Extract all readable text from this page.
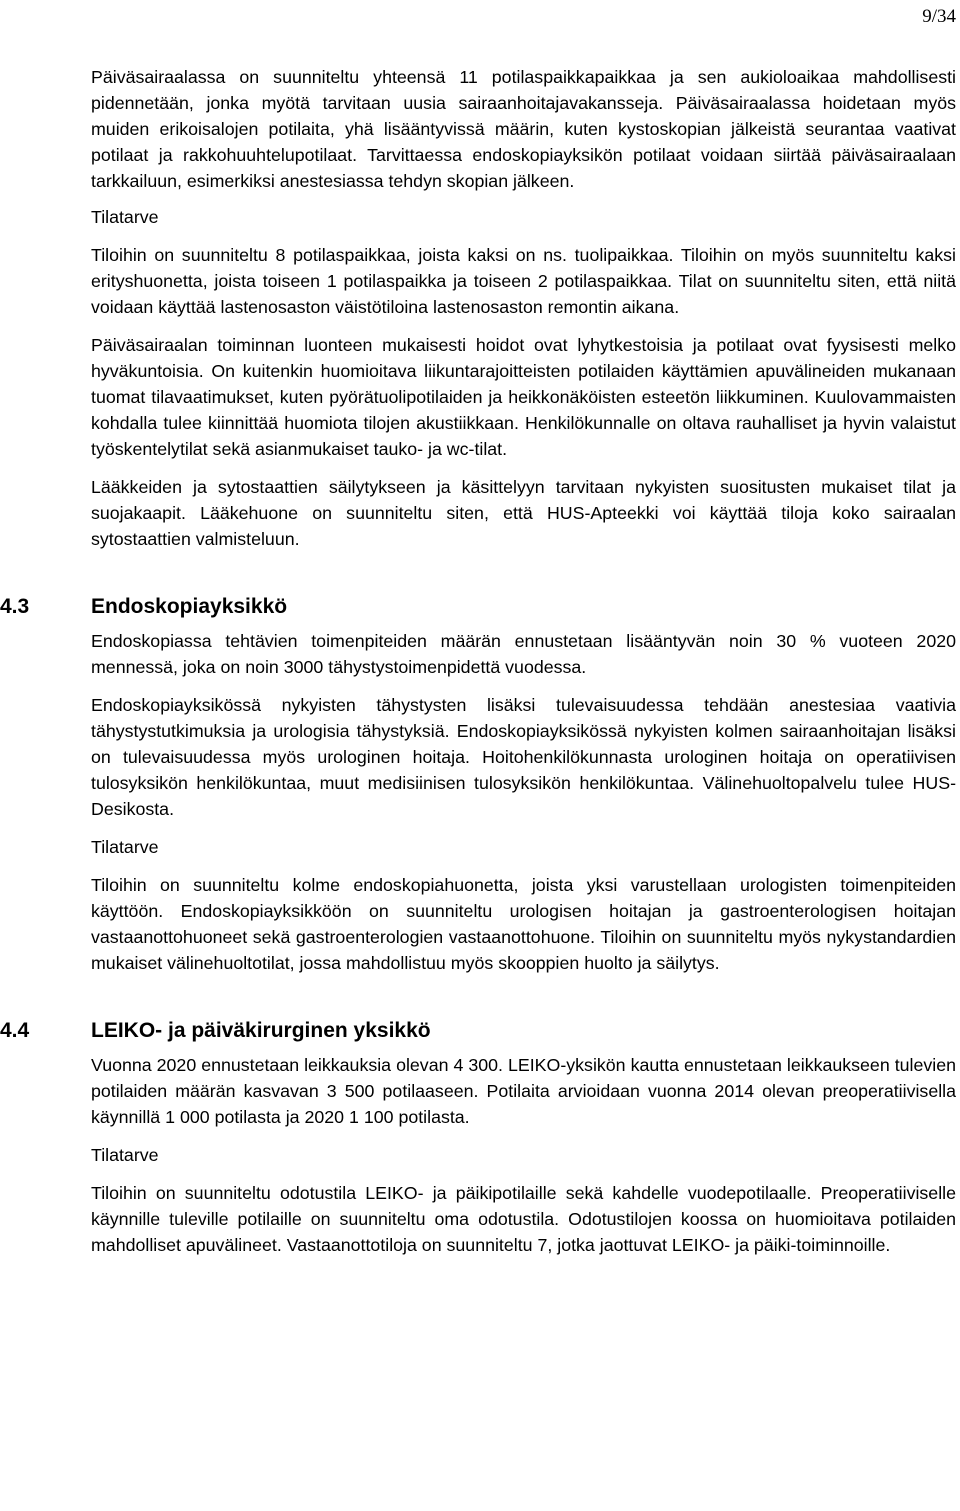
9/34

Päiväsairaalassa on suunniteltu yhteensä 11 potilaspaikkapaikkaa ja sen aukioloaikaa mahdollisesti pidennetään, jonka myötä tarvitaan uusia sairaanhoitajavakansseja. Päiväsairaalassa hoidetaan myös muiden erikoisalojen potilaita, yhä lisääntyvissä määrin, kuten kystoskopian jälkeistä seurantaa vaativat potilaat ja rakkohuuhtelupotilaat. Tarvittaessa endoskopiayksikön potilaat voidaan siirtää päiväsairaalaan tarkkailuun, esimerkiksi anestesiassa tehdyn skopian jälkeen.

Tilatarve

Tiloihin on suunniteltu 8 potilaspaikkaa, joista kaksi on ns. tuolipaikkaa. Tiloihin on myös suunniteltu kaksi erityshuonetta, joista toiseen 1 potilaspaikka ja toiseen 2 potilaspaikkaa. Tilat on suunniteltu siten, että niitä voidaan käyttää lastenosaston väistötiloina lastenosaston remontin aikana.

Päiväsairaalan toiminnan luonteen mukaisesti hoidot ovat lyhytkestoisia ja potilaat ovat fyysisesti melko hyväkuntoisia. On kuitenkin huomioitava liikuntarajoitteisten potilaiden käyttämien apuvälineiden mukanaan tuomat tilavaatimukset, kuten pyörätuolipotilaiden ja heikkonäköisten esteetön liikkuminen. Kuulovammaisten kohdalla tulee kiinnittää huomiota tilojen akustiikkaan. Henkilökunnalle on oltava rauhalliset ja hyvin valaistut työskentelytilat sekä asianmukaiset tauko- ja wc-tilat.

Lääkkeiden ja sytostaattien säilytykseen ja käsittelyyn tarvitaan nykyisten suositusten mukaiset tilat ja suojakaapit. Lääkehuone on suunniteltu siten, että HUS-Apteekki voi käyttää tiloja koko sairaalan sytostaattien valmisteluun.

4.3	Endoskopiayksikkö

Endoskopiassa tehtävien toimenpiteiden määrän ennustetaan lisääntyvän noin 30 % vuoteen 2020 mennessä, joka on noin 3000 tähystystoimenpidettä vuodessa.

Endoskopiayksikössä nykyisten tähystysten lisäksi tulevaisuudessa tehdään anestesiaa vaativia tähystystutkimuksia ja urologisia tähystyksiä. Endoskopiayksikössä nykyisten kolmen sairaanhoitajan lisäksi on tulevaisuudessa myös urologinen hoitaja. Hoitohenkilökunnasta urologinen hoitaja on operatiivisen tulosyksikön henkilökuntaa, muut medisiinisen tulosyksikön henkilökuntaa. Välinehuoltopalvelu tulee HUS-Desikosta.

Tilatarve

Tiloihin on suunniteltu kolme endoskopiahuonetta, joista yksi varustellaan urologisten toimenpiteiden käyttöön. Endoskopiayksikköön on suunniteltu urologisen hoitajan ja gastroenterologisen hoitajan vastaanottohuoneet sekä gastroenterologien vastaanottohuone. Tiloihin on suunniteltu myös nykystandardien mukaiset välinehuoltotilat, jossa mahdollistuu myös skooppien huolto ja säilytys.

4.4	LEIKO- ja päiväkirurginen yksikkö

Vuonna 2020 ennustetaan leikkauksia olevan 4 300. LEIKO-yksikön kautta ennustetaan leikkaukseen tulevien potilaiden määrän kasvavan 3 500 potilaaseen. Potilaita arvioidaan vuonna 2014 olevan preoperatiivisella käynnillä 1 000 potilasta ja 2020 1 100 potilasta.

Tilatarve

Tiloihin on suunniteltu odotustila LEIKO- ja päikipotilaille sekä kahdelle vuodepotilaalle. Preoperatiiviselle käynnille tuleville potilaille on suunniteltu oma odotustila. Odotustilojen koossa on huomioitava potilaiden mahdolliset apuvälineet. Vastaanottotiloja on suunniteltu 7, jotka jaottuvat LEIKO- ja päiki-toiminnoille.
